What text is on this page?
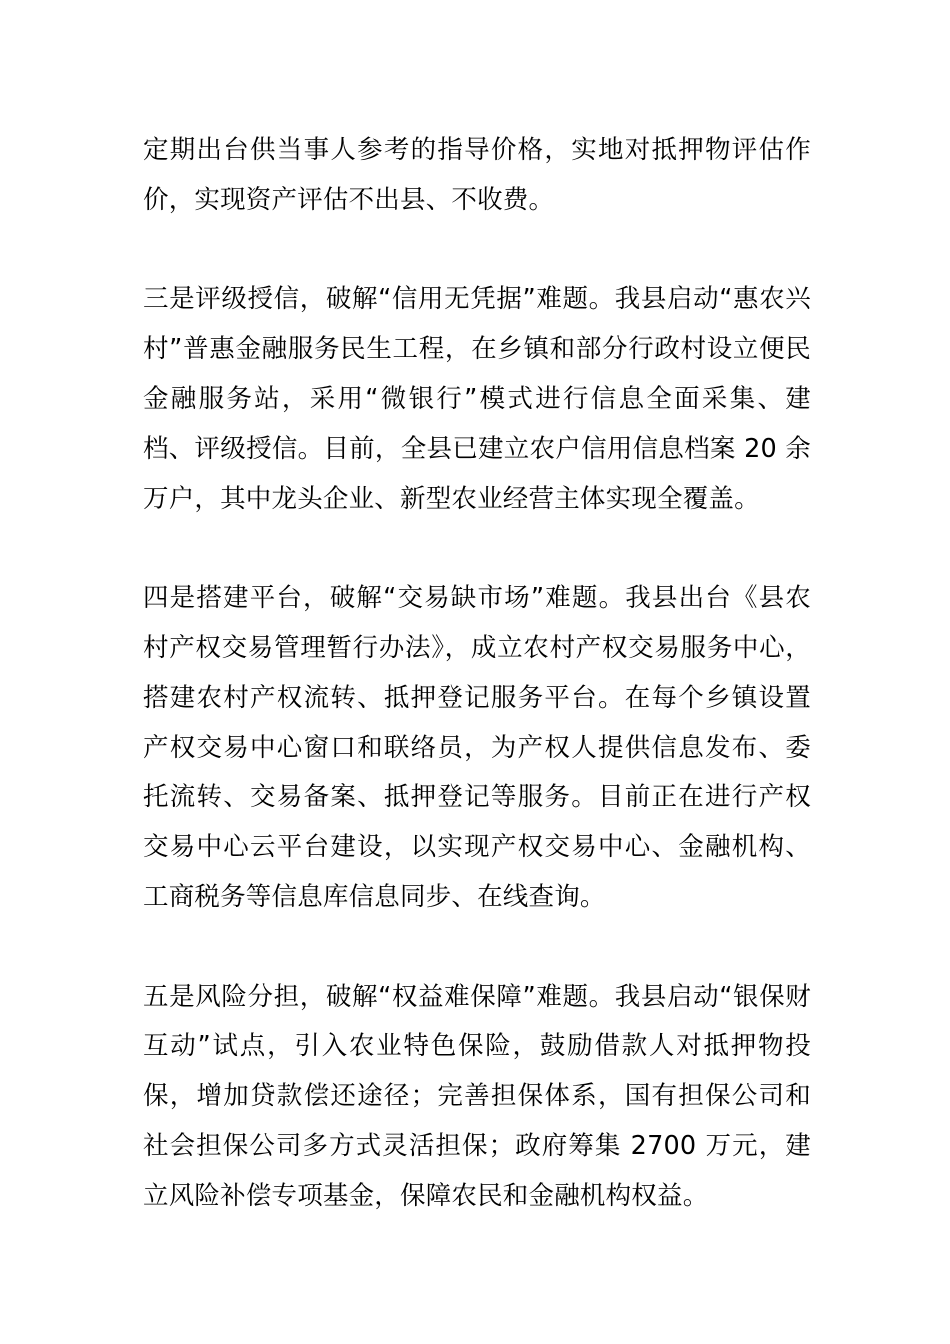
定期出台供当事人参考的指导价格，实地对抵押物评估作价，实现资产评估不出县、不收费。

三是评级授信，破解“信用无凭据”难题。我县启动“惠农兴村”普惠金融服务民生工程，在乡镇和部分行政村设立便民金融服务站，采用“微银行”模式进行信息全面采集、建档、评级授信。目前，全县已建立农户信用信息档案 20 余万户，其中龙头企业、新型农业经营主体实现全覆盖。

四是搭建平台，破解“交易缺市场”难题。我县出台《县农村产权交易管理暂行办法》，成立农村产权交易服务中心，搭建农村产权流转、抵押登记服务平台。在每个乡镇设置产权交易中心窗口和联络员，为产权人提供信息发布、委托流转、交易备案、抵押登记等服务。目前正在进行产权交易中心云平台建设，以实现产权交易中心、金融机构、工商税务等信息库信息同步、在线查询。

五是风险分担，破解“权益难保障”难题。我县启动“银保财互动”试点，引入农业特色保险，鼓励借款人对抵押物投保，增加贷款偿还途径；完善担保体系，国有担保公司和社会担保公司多方式灵活担保；政府筹集 2700 万元，建立风险补偿专项基金，保障农民和金融机构权益。
